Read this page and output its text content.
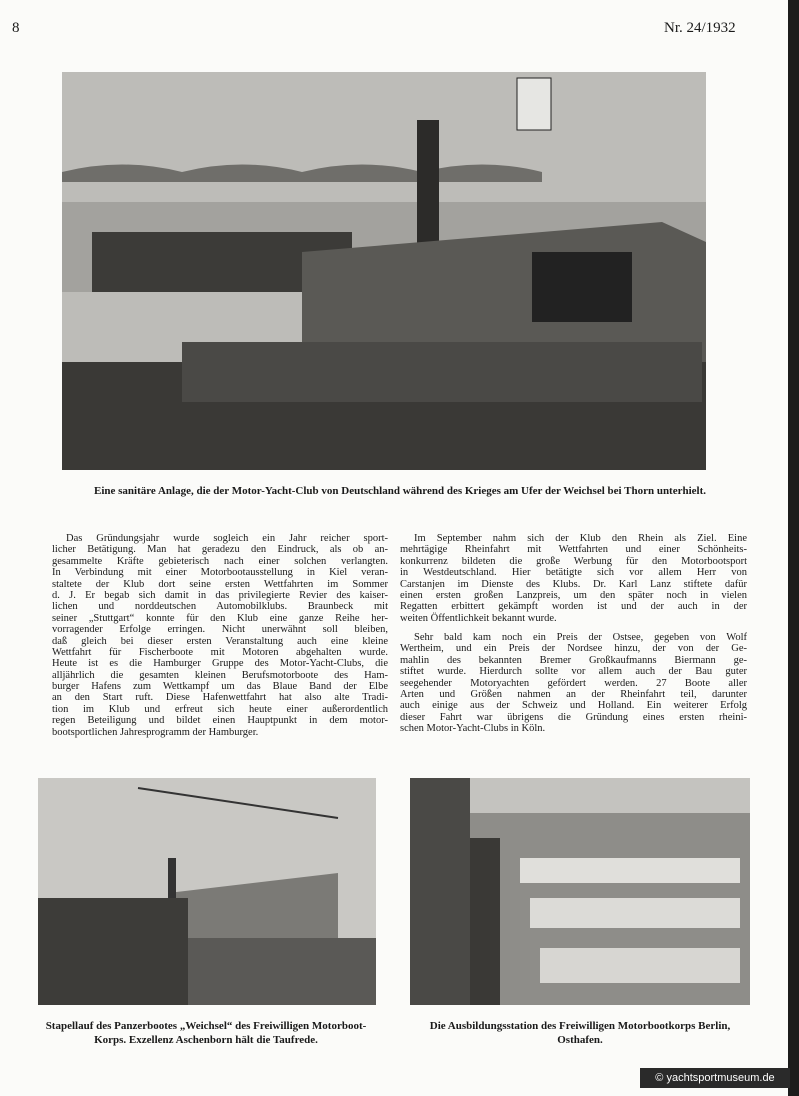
8	Nr. 24/1932
Eine sanitäre Anlage, die der Motor-Yacht-Club von Deutschland während des Krieges am Ufer der Weichsel bei Thorn unterhielt.
Das Gründungsjahr wurde sogleich ein Jahr reicher sport-
licher Betätigung. Man hat geradezu den Eindruck, als ob an-
gesammelte Kräfte gebieterisch nach einer solchen verlangten.
In Verbindung mit einer Motorbootausstellung in Kiel veran-
staltete der Klub dort seine ersten Wettfahrten im Sommer
d. J. Er begab sich damit in das privilegierte Revier des kaiser-
lichen und norddeutschen Automobilklubs. Braunbeck mit
seiner „Stuttgart“ konnte für den Klub eine ganze Reihe her-
vorragender Erfolge erringen. Nicht unerwähnt soll bleiben,
daß gleich bei dieser ersten Veranstaltung auch eine kleine
Wettfahrt für Fischerboote mit Motoren abgehalten wurde.
Heute ist es die Hamburger Gruppe des Motor-Yacht-Clubs, die
alljährlich die gesamten kleinen Berufsmotorboote des Ham-
burger Hafens zum Wettkampf um das Blaue Band der Elbe
an den Start ruft. Diese Hafenwettfahrt hat also alte Tradi-
tion im Klub und erfreut sich heute einer außerordentlich
regen Beteiligung und bildet einen Hauptpunkt in dem motor-
bootsportlichen Jahresprogramm der Hamburger.
Im September nahm sich der Klub den Rhein als Ziel. Eine
mehrtägige Rheinfahrt mit Wettfahrten und einer Schönheits-
konkurrenz bildeten die große Werbung für den Motorbootsport
in Westdeutschland. Hier betätigte sich vor allem Herr von
Carstanjen im Dienste des Klubs. Dr. Karl Lanz stiftete dafür
einen ersten großen Lanzpreis, um den später noch in vielen
Regatten erbittert gekämpft worden ist und der auch in der
weiten Öffentlichkeit bekannt wurde.
Sehr bald kam noch ein Preis der Ostsee, gegeben von Wolf
Wertheim, und ein Preis der Nordsee hinzu, der von der Ge-
mahlin des bekannten Bremer Großkaufmanns Biermann ge-
stiftet wurde. Hierdurch sollte vor allem auch der Bau guter
seegehender Motoryachten gefördert werden. 27 Boote aller
Arten und Größen nahmen an der Rheinfahrt teil, darunter
auch einige aus der Schweiz und Holland. Ein weiterer Erfolg
dieser Fahrt war übrigens die Gründung eines ersten rheini-
schen Motor-Yacht-Clubs in Köln.
Stapellauf des Panzerbootes „Weichsel“ des Freiwilligen Motorboot-
Korps. Exzellenz Aschenborn hält die Taufrede.
Die Ausbildungsstation des Freiwilligen Motorbootkorps Berlin,
Osthafen.
© yachtsportmuseum.de
